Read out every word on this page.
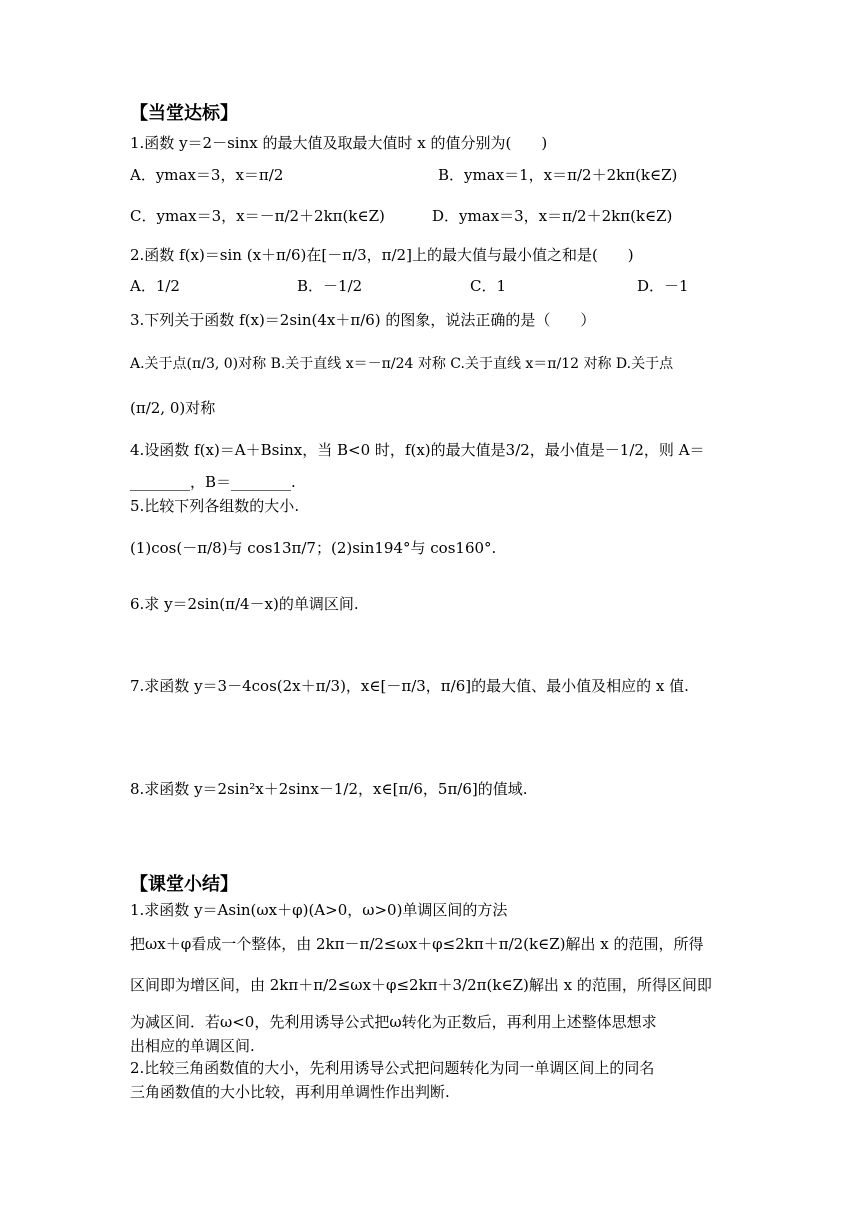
【当堂达标】
1.函数 y＝2－sinx 的最大值及取最大值时 x 的值分别为(　　)
A．ymax＝3，x＝π/2	B．ymax＝1，x＝π/2＋2kπ(k∈Z)
C．ymax＝3，x＝－π/2＋2kπ(k∈Z)	D．ymax＝3，x＝π/2＋2kπ(k∈Z)
2.函数 f(x)＝sin (x＋π/6)在[－π/3，π/2]上的最大值与最小值之和是(　　)
A．1/2	B．－1/2	C．1	D．－1
3.下列关于函数 f(x)＝2sin(4x＋π/6) 的图象，说法正确的是（　　）
A.关于点(π/3, 0)对称 B.关于直线 x＝－π/24 对称 C.关于直线 x＝π/12 对称 D.关于点
(π/2, 0)对称
4.设函数 f(x)＝A＋Bsinx，当 B<0 时，f(x)的最大值是3/2，最小值是－1/2，则 A＝
________，B＝________.
5.比较下列各组数的大小.
(1)cos(－π/8)与 cos13π/7；(2)sin194°与 cos160°.
6.求 y＝2sin(π/4－x)的单调区间.
7.求函数 y＝3－4cos(2x＋π/3)，x∈[－π/3，π/6]的最大值、最小值及相应的 x 值.
8.求函数 y＝2sin²x＋2sinx－1/2，x∈[π/6，5π/6]的值域.
【课堂小结】
1.求函数 y＝Asin(ωx＋φ)(A>0，ω>0)单调区间的方法
把ωx＋φ看成一个整体，由 2kπ－π/2≤ωx＋φ≤2kπ＋π/2(k∈Z)解出 x 的范围，所得
区间即为增区间，由 2kπ＋π/2≤ωx＋φ≤2kπ＋3/2π(k∈Z)解出 x 的范围，所得区间即
为减区间．若ω<0，先利用诱导公式把ω转化为正数后，再利用上述整体思想求
出相应的单调区间.
2.比较三角函数值的大小，先利用诱导公式把问题转化为同一单调区间上的同名
三角函数值的大小比较，再利用单调性作出判断.
